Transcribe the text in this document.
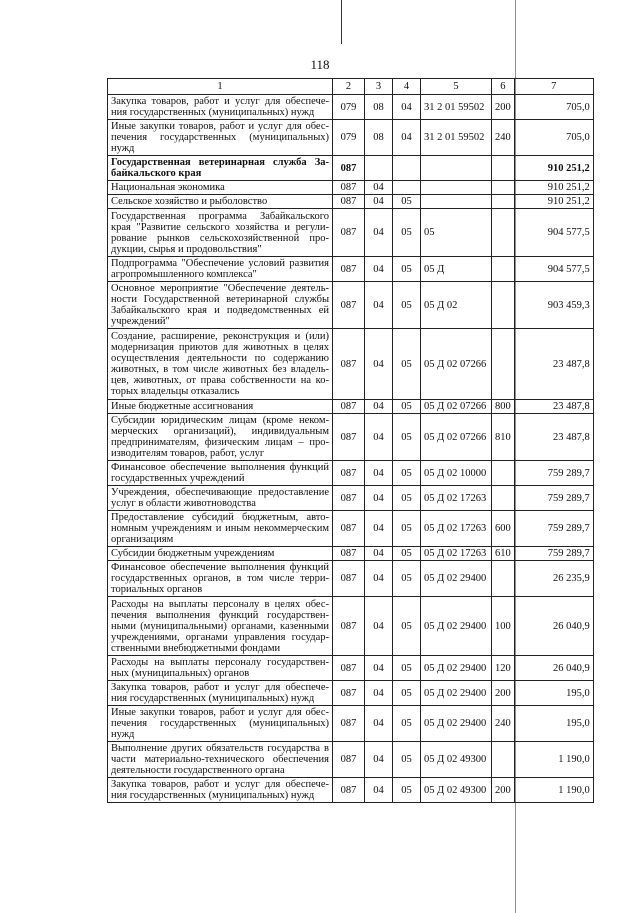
118
1	2	3	4	5	6	7
Закупка товаров, работ и услуг для обеспече-ния государственных (муниципальных) нужд	079	08	04	31 2 01 59502	200	705,0
Иные закупки товаров, работ и услуг для обес-печения государственных (муниципальных) нужд	079	08	04	31 2 01 59502	240	705,0
Государственная ветеринарная служба За-байкальского края	087					910 251,2
Национальная экономика	087	04				910 251,2
Сельское хозяйство и рыболовство	087	04	05			910 251,2
Государственная программа Забайкальского края "Развитие сельского хозяйства и регули-рование рынков сельскохозяйственной про-дукции, сырья и продовольствия"	087	04	05	05		904 577,5
Подпрограмма "Обеспечение условий развития агропромышленного комплекса"	087	04	05	05 Д		904 577,5
Основное мероприятие "Обеспечение деятель-ности Государственной ветеринарной службы Забайкальского края и подведомственных ей учреждений"	087	04	05	05 Д 02		903 459,3
Создание, расширение, реконструкция и (или) модернизация приютов для животных в целях осуществления деятельности по содержанию животных, в том числе животных без владель-цев, животных, от права собственности на ко-торых владельцы отказались	087	04	05	05 Д 02 07266		23 487,8
Иные бюджетные ассигнования	087	04	05	05 Д 02 07266	800	23 487,8
Субсидии юридическим лицам (кроме неком-мерческих организаций), индивидуальным предпринимателям, физическим лицам – про-изводителям товаров, работ, услуг	087	04	05	05 Д 02 07266	810	23 487,8
Финансовое обеспечение выполнения функций государственных учреждений	087	04	05	05 Д 02 10000		759 289,7
Учреждения, обеспечивающие предоставление услуг в области животноводства	087	04	05	05 Д 02 17263		759 289,7
Предоставление субсидий бюджетным, авто-номным учреждениям и иным некоммерческим организациям	087	04	05	05 Д 02 17263	600	759 289,7
Субсидии бюджетным учреждениям	087	04	05	05 Д 02 17263	610	759 289,7
Финансовое обеспечение выполнения функций государственных органов, в том числе терри-ториальных органов	087	04	05	05 Д 02 29400		26 235,9
Расходы на выплаты персоналу в целях обес-печения выполнения функций государствен-ными (муниципальными) органами, казенными учреждениями, органами управления государ-ственными внебюджетными фондами	087	04	05	05 Д 02 29400	100	26 040,9
Расходы на выплаты персоналу государствен-ных (муниципальных) органов	087	04	05	05 Д 02 29400	120	26 040,9
Закупка товаров, работ и услуг для обеспече-ния государственных (муниципальных) нужд	087	04	05	05 Д 02 29400	200	195,0
Иные закупки товаров, работ и услуг для обес-печения государственных (муниципальных) нужд	087	04	05	05 Д 02 29400	240	195,0
Выполнение других обязательств государства в части материально-технического обеспечения деятельности государственного органа	087	04	05	05 Д 02 49300		1 190,0
Закупка товаров, работ и услуг для обеспече-ния государственных (муниципальных) нужд	087	04	05	05 Д 02 49300	200	1 190,0
